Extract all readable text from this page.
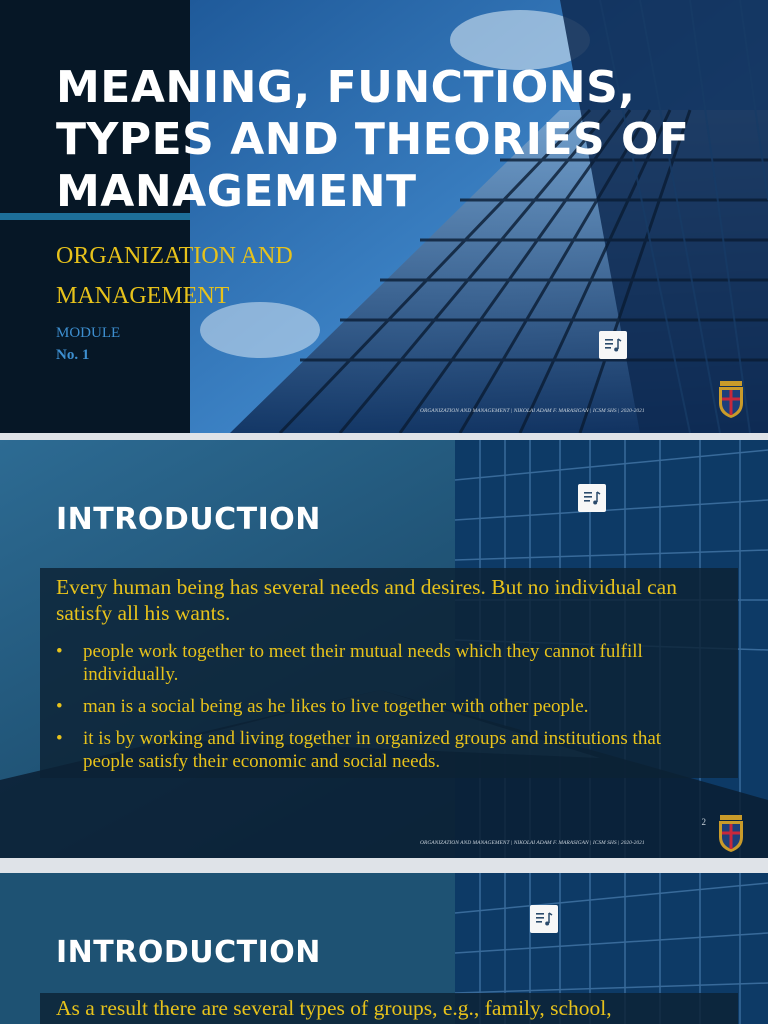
MEANING, FUNCTIONS, TYPES AND THEORIES OF MANAGEMENT

ORGANIZATION AND MANAGEMENT

MODULE
No. 1
ORGANIZATION AND MANAGEMENT | NIKOLAI ADAM F. MARASIGAN | ICSM SHS | 2020-2021
INTRODUCTION

Every human being has several needs and desires. But no individual can satisfy all his wants.

• people work together to meet their mutual needs which they cannot fulfill individually.
• man is a social being as he likes to live together with other people.
• it is by working and living together in organized groups and institutions that people satisfy their economic and social needs.
2
ORGANIZATION AND MANAGEMENT | NIKOLAI ADAM F. MARASIGAN | ICSM SHS | 2020-2021
INTRODUCTION

As a result there are several types of groups, e.g., family, school,
